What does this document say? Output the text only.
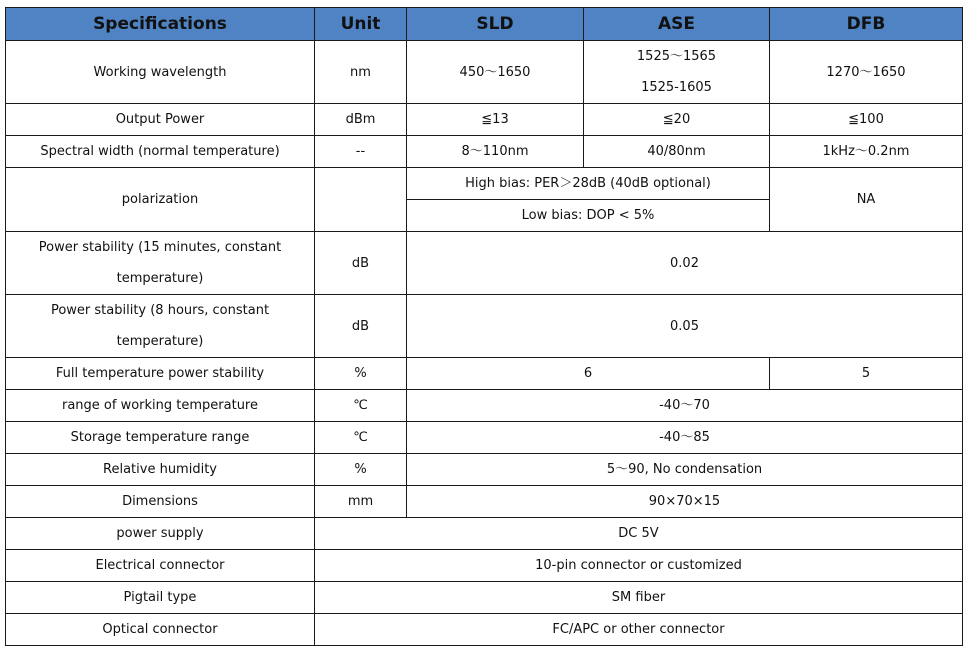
Specifications	Unit	SLD	ASE	DFB
Working wavelength	nm	450～1650	1525～1565	1270～1650
			1525-1605	
Output Power	dBm	≦13	≦20	≦100
Spectral width (normal temperature)	--	8～110nm	40/80nm	1kHz～0.2nm
polarization		High bias: PER＞28dB (40dB optional)		NA
		Low bias: DOP < 5%		
Power stability (15 minutes, constant temperature)	dB	0.02		
Power stability (8 hours, constant temperature)	dB	0.05		
Full temperature power stability	%	6		5
range of working temperature	℃	-40～70		
Storage temperature range	℃	-40～85		
Relative humidity	%	5～90, No condensation		
Dimensions	mm	90×70×15		
power supply	DC 5V			
Electrical connector	10-pin connector or customized			
Pigtail type	SM fiber			
Optical connector	FC/APC or other connector			
